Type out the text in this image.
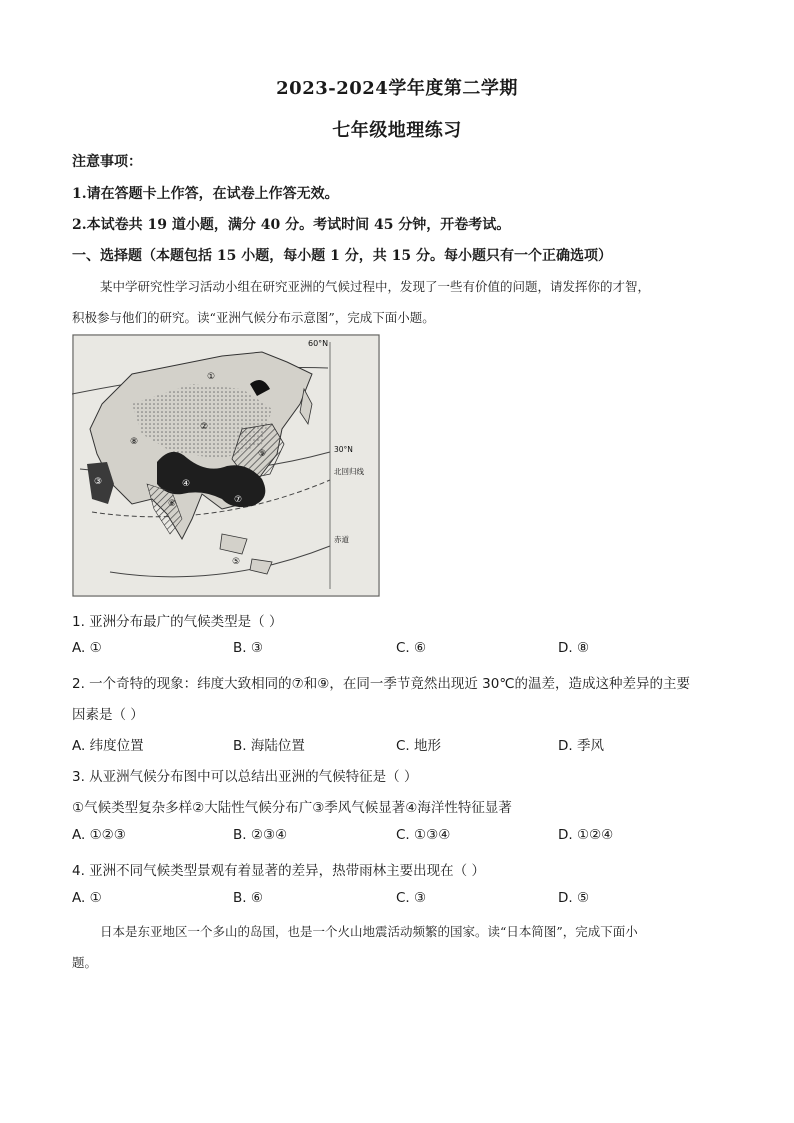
2023-2024学年度第二学期
七年级地理练习
注意事项：
1.请在答题卡上作答，在试卷上作答无效。
2.本试卷共 19 道小题，满分 40 分。考试时间 45 分钟，开卷考试。
一、选择题（本题包括 15 小题，每小题 1 分，共 15 分。每小题只有一个正确选项）
某中学研究性学习活动小组在研究亚洲的气候过程中，发现了一些有价值的问题，请发挥你的才智，
积极参与他们的研究。读“亚洲气候分布示意图”，完成下面小题。
①
②
③	④
⑤
⑥	⑦
⑧
⑨
60°N
30°N
北回归线
赤道
1. 亚洲分布最广的气候类型是（ ）
A. ①	B. ③	C. ⑥	D. ⑧
2. 一个奇特的现象：纬度大致相同的⑦和⑨，在同一季节竟然出现近 30℃的温差，造成这种差异的主要
因素是（ ）
A. 纬度位置	B. 海陆位置	C. 地形	D. 季风
3. 从亚洲气候分布图中可以总结出亚洲的气候特征是（ ）
①气候类型复杂多样②大陆性气候分布广③季风气候显著④海洋性特征显著
A. ①②③	B. ②③④	C. ①③④	D. ①②④
4. 亚洲不同气候类型景观有着显著的差异，热带雨林主要出现在（ ）
A. ①	B. ⑥	C. ③	D. ⑤
日本是东亚地区一个多山的岛国，也是一个火山地震活动频繁的国家。读“日本简图”，完成下面小
题。
